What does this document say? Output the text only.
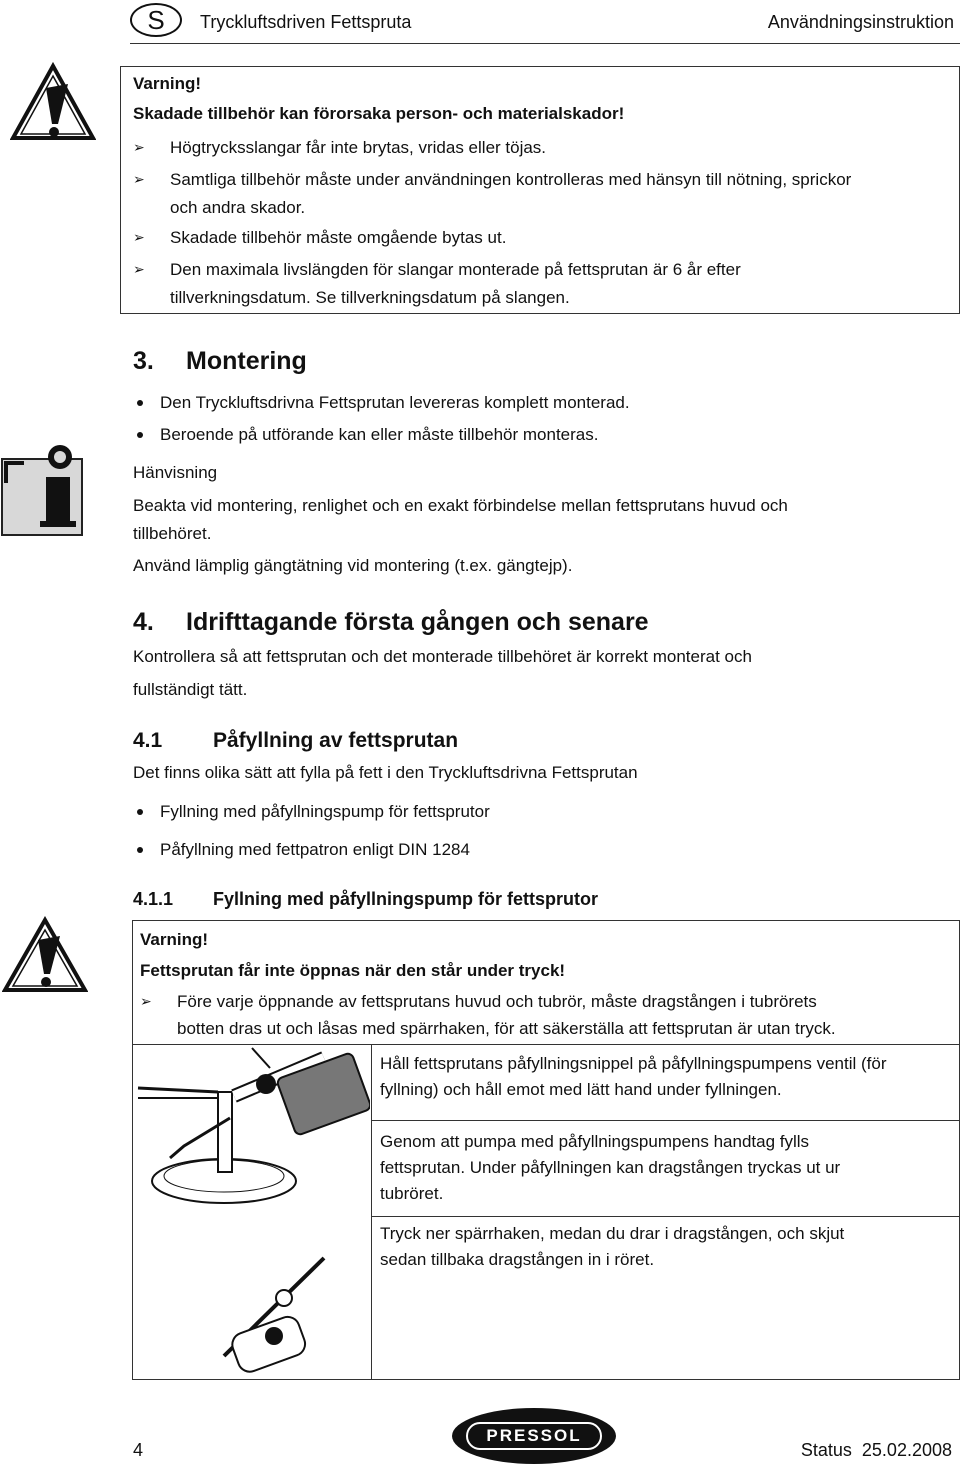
S	Tryckluftsdriven Fettspruta	Användningsinstruktion
Varning!
Skadade tillbehör kan förorsaka person- och materialskador!
➢ Högtrycksslangar får inte brytas, vridas eller töjas.
➢ Samtliga tillbehör måste under användningen kontrolleras med hänsyn till nötning, sprickor
och andra skador.
➢ Skadade tillbehör måste omgående bytas ut.
➢ Den maximala livslängden för slangar monterade på fettsprutan är 6 år efter
tillverkningsdatum. Se tillverkningsdatum på slangen.
3. Montering
Den Tryckluftsdrivna Fettsprutan levereras komplett monterad.
Beroende på utförande kan eller måste tillbehör monteras.
Hänvisning
Beakta vid montering, renlighet och en exakt förbindelse mellan fettsprutans huvud och
tillbehöret.
Använd lämplig gängtätning vid montering (t.ex. gängtejp).
4. Idrifttagande första gången och senare
Kontrollera så att fettsprutan och det monterade tillbehöret är korrekt monterat och
fullständigt tätt.
4.1 Påfyllning av fettsprutan
Det finns olika sätt att fylla på fett i den Tryckluftsdrivna Fettsprutan
Fyllning med påfyllningspump för fettsprutor
Påfyllning med fettpatron enligt DIN 1284
4.1.1 Fyllning med påfyllningspump för fettsprutor
Varning!
Fettsprutan får inte öppnas när den står under tryck!
➢ Före varje öppnande av fettsprutans huvud och tubrör, måste dragstången i tubrörets
botten dras ut och låsas med spärrhaken, för att säkerställa att fettsprutan är utan tryck.
Håll fettsprutans påfyllningsnippel på påfyllningspumpens ventil (för
fyllning) och håll emot med lätt hand under fyllningen.
Genom att pumpa med påfyllningspumpens handtag fylls
fettsprutan. Under påfyllningen kan dragstången tryckas ut ur
tubröret.
Tryck ner spärrhaken, medan du drar i dragstången, och skjut
sedan tillbaka dragstången in i röret.
4
PRESSOL
Status  25.02.2008
